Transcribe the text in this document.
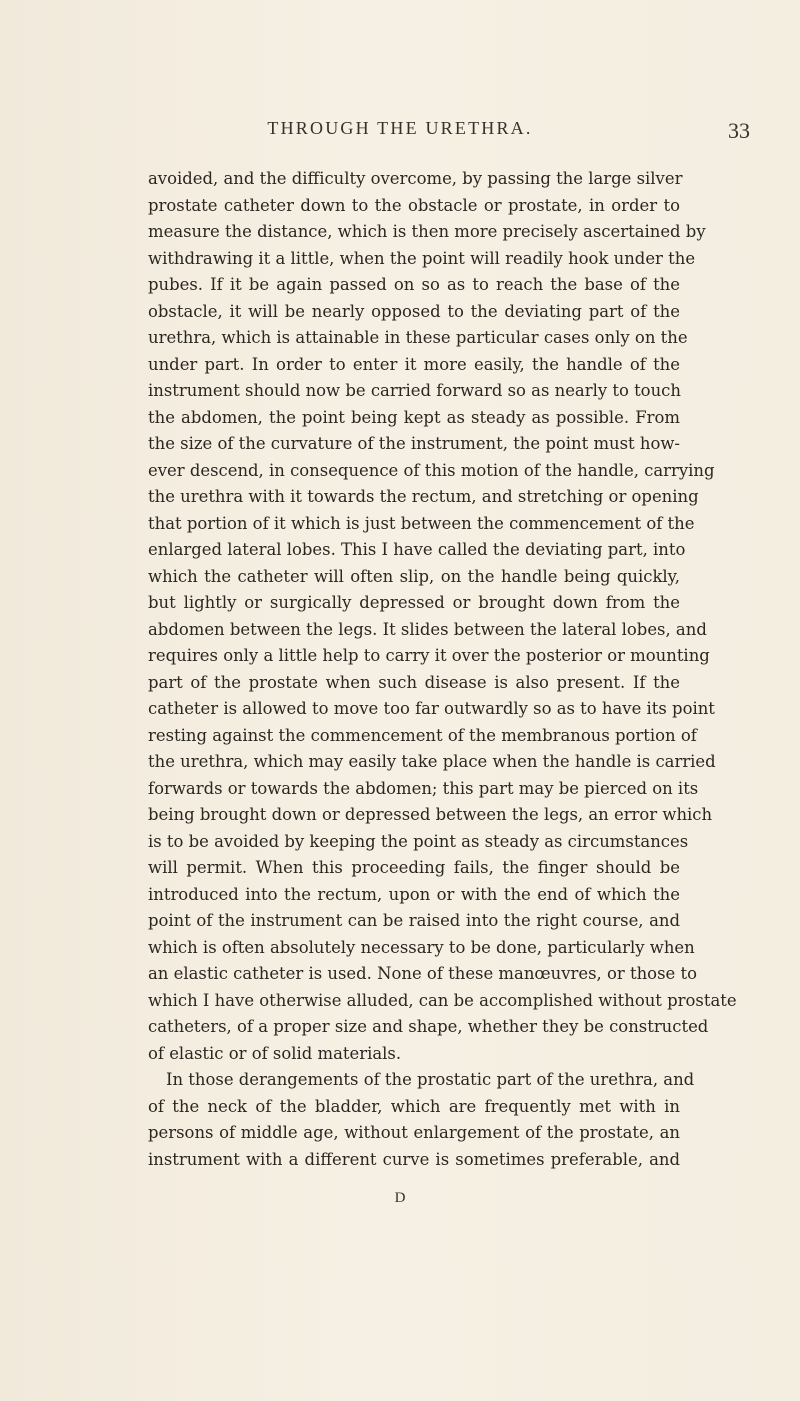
THROUGH THE URETHRA.	33

avoided, and the difficulty overcome, by passing the large silver

prostate catheter down to the obstacle or prostate, in order to

measure the distance, which is then more precisely ascertained by

withdrawing it a little, when the point will readily hook under the

pubes. If it be again passed on so as to reach the base of the

obstacle, it will be nearly opposed to the deviating part of the

urethra, which is attainable in these particular cases only on the

under part. In order to enter it more easily, the handle of the

instrument should now be carried forward so as nearly to touch

the abdomen, the point being kept as steady as possible. From

the size of the curvature of the instrument, the point must how-

ever descend, in consequence of this motion of the handle, carrying

the urethra with it towards the rectum, and stretching or opening

that portion of it which is just between the commencement of the

enlarged lateral lobes. This I have called the deviating part, into

which the catheter will often slip, on the handle being quickly,

but lightly or surgically depressed or brought down from the

abdomen between the legs. It slides between the lateral lobes, and

requires only a little help to carry it over the posterior or mounting

part of the prostate when such disease is also present. If the

catheter is allowed to move too far outwardly so as to have its point

resting against the commencement of the membranous portion of

the urethra, which may easily take place when the handle is carried

forwards or towards the abdomen; this part may be pierced on its

being brought down or depressed between the legs, an error which

is to be avoided by keeping the point as steady as circumstances

will permit. When this proceeding fails, the finger should be

introduced into the rectum, upon or with the end of which the

point of the instrument can be raised into the right course, and

which is often absolutely necessary to be done, particularly when

an elastic catheter is used. None of these manœuvres, or those to

which I have otherwise alluded, can be accomplished without prostate

catheters, of a proper size and shape, whether they be constructed

of elastic or of solid materials.

In those derangements of the prostatic part of the urethra, and

of the neck of the bladder, which are frequently met with in

persons of middle age, without enlargement of the prostate, an

instrument with a different curve is sometimes preferable, and

D
